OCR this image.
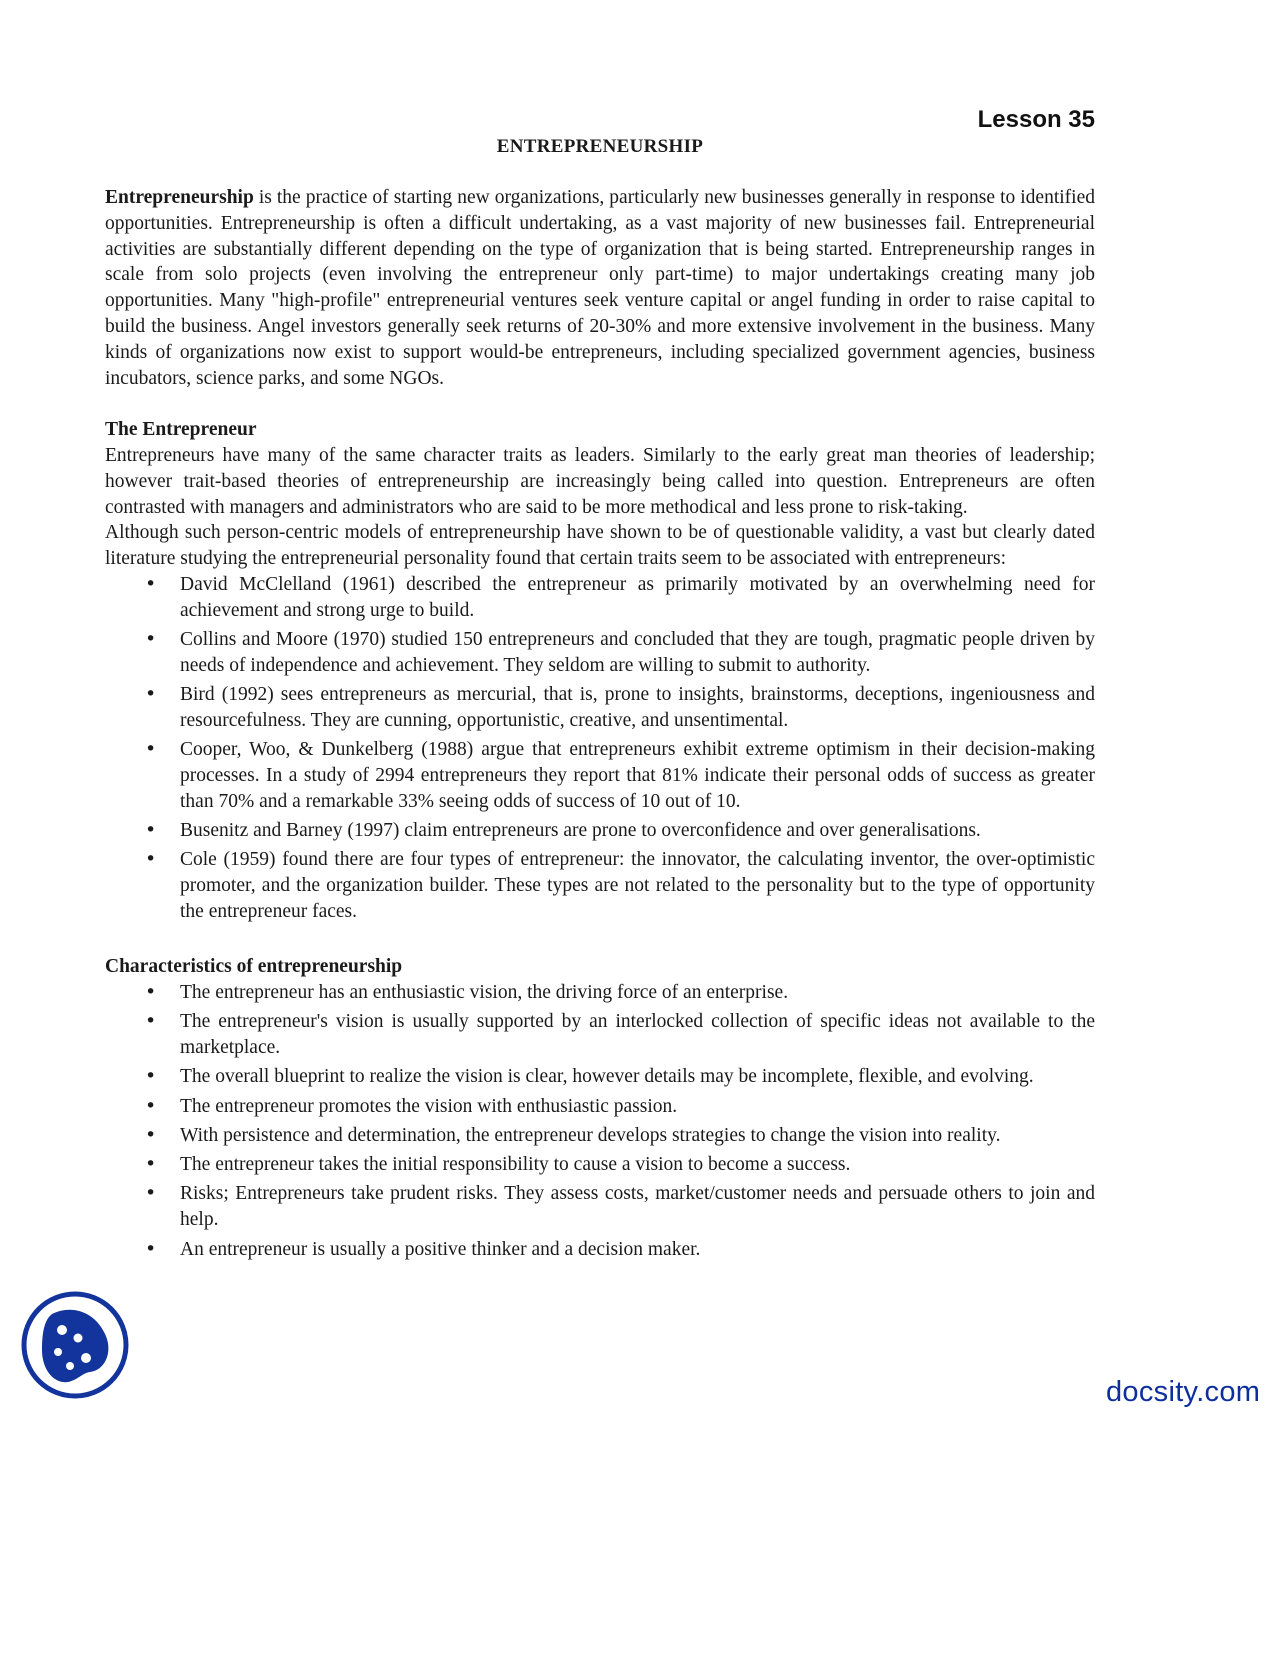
Lesson 35
ENTREPRENEURSHIP

Entrepreneurship is the practice of starting new organizations, particularly new businesses generally in response to identified opportunities. Entrepreneurship is often a difficult undertaking, as a vast majority of new businesses fail. Entrepreneurial activities are substantially different depending on the type of organization that is being started. Entrepreneurship ranges in scale from solo projects (even involving the entrepreneur only part-time) to major undertakings creating many job opportunities. Many "high-profile" entrepreneurial ventures seek venture capital or angel funding in order to raise capital to build the business. Angel investors generally seek returns of 20-30% and more extensive involvement in the business. Many kinds of organizations now exist to support would-be entrepreneurs, including specialized government agencies, business incubators, science parks, and some NGOs.

The Entrepreneur

Entrepreneurs have many of the same character traits as leaders. Similarly to the early great man theories of leadership; however trait-based theories of entrepreneurship are increasingly being called into question. Entrepreneurs are often contrasted with managers and administrators who are said to be more methodical and less prone to risk-taking.

Although such person-centric models of entrepreneurship have shown to be of questionable validity, a vast but clearly dated literature studying the entrepreneurial personality found that certain traits seem to be associated with entrepreneurs:

• David McClelland (1961) described the entrepreneur as primarily motivated by an overwhelming need for achievement and strong urge to build.
• Collins and Moore (1970) studied 150 entrepreneurs and concluded that they are tough, pragmatic people driven by needs of independence and achievement. They seldom are willing to submit to authority.
• Bird (1992) sees entrepreneurs as mercurial, that is, prone to insights, brainstorms, deceptions, ingeniousness and resourcefulness. They are cunning, opportunistic, creative, and unsentimental.
• Cooper, Woo, & Dunkelberg (1988) argue that entrepreneurs exhibit extreme optimism in their decision-making processes. In a study of 2994 entrepreneurs they report that 81% indicate their personal odds of success as greater than 70% and a remarkable 33% seeing odds of success of 10 out of 10.
• Busenitz and Barney (1997) claim entrepreneurs are prone to overconfidence and over generalisations.
• Cole (1959) found there are four types of entrepreneur: the innovator, the calculating inventor, the over-optimistic promoter, and the organization builder. These types are not related to the personality but to the type of opportunity the entrepreneur faces.

Characteristics of entrepreneurship

• The entrepreneur has an enthusiastic vision, the driving force of an enterprise.
• The entrepreneur's vision is usually supported by an interlocked collection of specific ideas not available to the marketplace.
• The overall blueprint to realize the vision is clear, however details may be incomplete, flexible, and evolving.
• The entrepreneur promotes the vision with enthusiastic passion.
• With persistence and determination, the entrepreneur develops strategies to change the vision into reality.
• The entrepreneur takes the initial responsibility to cause a vision to become a success.
• Risks; Entrepreneurs take prudent risks. They assess costs, market/customer needs and persuade others to join and help.
• An entrepreneur is usually a positive thinker and a decision maker.
docsity.com
